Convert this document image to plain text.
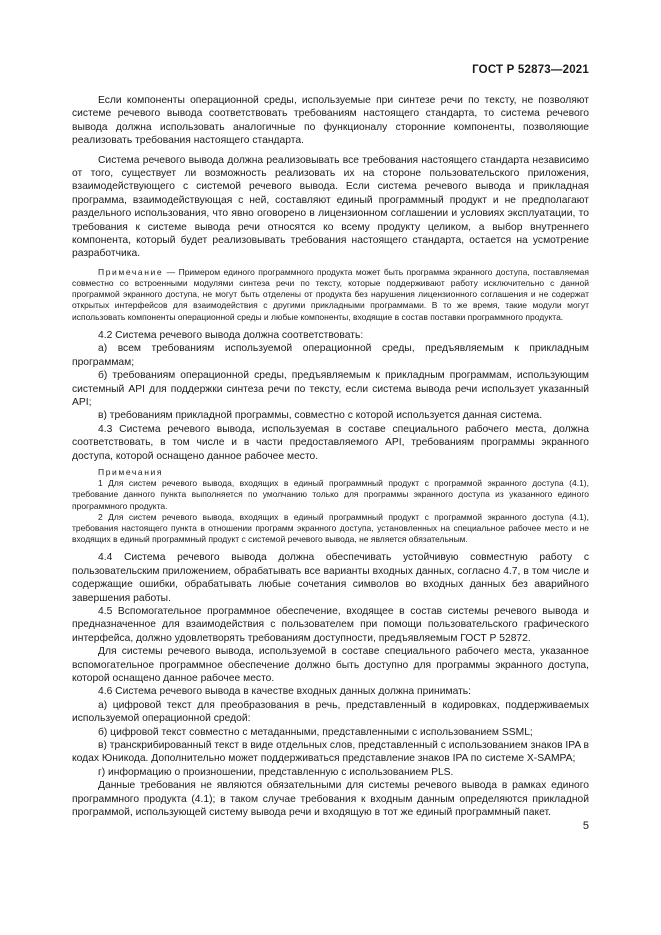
ГОСТ Р 52873—2021

Если компоненты операционной среды, используемые при синтезе речи по тексту, не позволяют системе речевого вывода соответствовать требованиям настоящего стандарта, то система речевого вывода должна использовать аналогичные по функционалу сторонние компоненты, позволяющие реализовать требования настоящего стандарта.

Система речевого вывода должна реализовывать все требования настоящего стандарта независимо от того, существует ли возможность реализовать их на стороне пользовательского приложения, взаимодействующего с системой речевого вывода. Если система речевого вывода и прикладная программа, взаимодействующая с ней, составляют единый программный продукт и не предполагают раздельного использования, что явно оговорено в лицензионном соглашении и условиях эксплуатации, то требования к системе вывода речи относятся ко всему продукту целиком, а выбор внутреннего компонента, который будет реализовывать требования настоящего стандарта, остается на усмотрение разработчика.

Примечание — Примером единого программного продукта может быть программа экранного доступа, поставляемая совместно со встроенными модулями синтеза речи по тексту, которые поддерживают работу исключительно с данной программой экранного доступа, не могут быть отделены от продукта без нарушения лицензионного соглашения и не содержат открытых интерфейсов для взаимодействия с другими прикладными программами. В то же время, такие модули могут использовать компоненты операционной среды и любые компоненты, входящие в состав поставки программного продукта.

4.2 Система речевого вывода должна соответствовать:

а) всем требованиям используемой операционной среды, предъявляемым к прикладным программам;

б) требованиям операционной среды, предъявляемым к прикладным программам, использующим системный API для поддержки синтеза речи по тексту, если система вывода речи использует указанный API;

в) требованиям прикладной программы, совместно с которой используется данная система.

4.3 Система речевого вывода, используемая в составе специального рабочего места, должна соответствовать, в том числе и в части предоставляемого API, требованиям программы экранного доступа, которой оснащено данное рабочее место.

Примечания

1 Для систем речевого вывода, входящих в единый программный продукт с программой экранного доступа (4.1), требование данного пункта выполняется по умолчанию только для программы экранного доступа из указанного единого программного продукта.

2 Для систем речевого вывода, входящих в единый программный продукт с программой экранного доступа (4.1), требования настоящего пункта в отношении программ экранного доступа, установленных на специальное рабочее место и не входящих в единый программный продукт с системой речевого вывода, не является обязательным.

4.4 Система речевого вывода должна обеспечивать устойчивую совместную работу с пользовательским приложением, обрабатывать все варианты входных данных, согласно 4.7, в том числе и содержащие ошибки, обрабатывать любые сочетания символов во входных данных без аварийного завершения работы.

4.5 Вспомогательное программное обеспечение, входящее в состав системы речевого вывода и предназначенное для взаимодействия с пользователем при помощи пользовательского графического интерфейса, должно удовлетворять требованиям доступности, предъявляемым ГОСТ Р 52872.

Для системы речевого вывода, используемой в составе специального рабочего места, указанное вспомогательное программное обеспечение должно быть доступно для программы экранного доступа, которой оснащено данное рабочее место.

4.6 Система речевого вывода в качестве входных данных должна принимать:

а) цифровой текст для преобразования в речь, представленный в кодировках, поддерживаемых используемой операционной средой:

б) цифровой текст совместно с метаданными, представленными с использованием SSML;

в) транскрибированный текст в виде отдельных слов, представленный с использованием знаков IPA в кодах Юникода. Дополнительно может поддерживаться представление знаков IPA по системе X-SAMPA;

г) информацию о произношении, представленную с использованием PLS.

Данные требования не являются обязательными для системы речевого вывода в рамках единого программного продукта (4.1); в таком случае требования к входным данным определяются прикладной программой, использующей систему вывода речи и входящую в тот же единый программный пакет.

5
